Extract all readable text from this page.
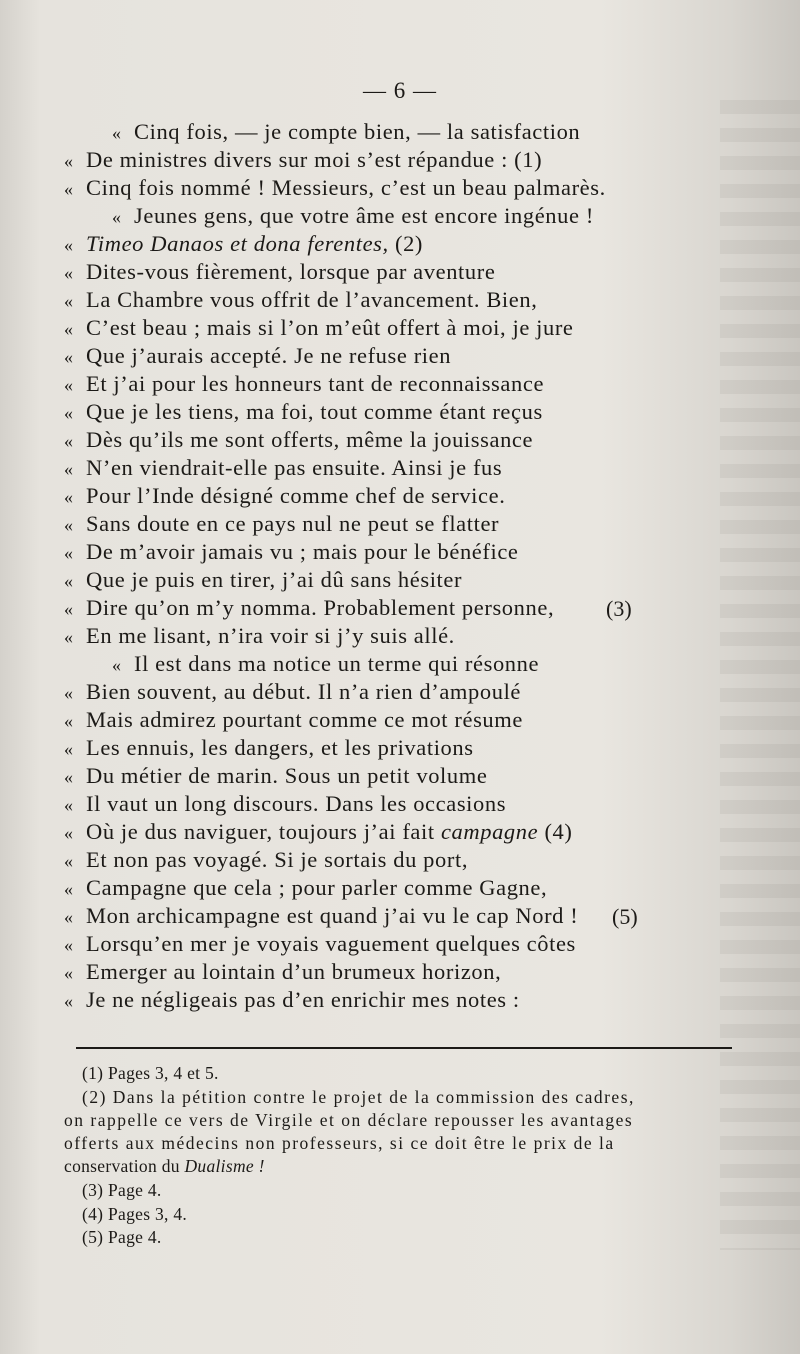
— 6 —
« Cinq fois, — je compte bien, — la satisfaction
« De ministres divers sur moi s’est répandue : (1)
« Cinq fois nommé ! Messieurs, c’est un beau palmarès.
« Jeunes gens, que votre âme est encore ingénue !
« Timeo Danaos et dona ferentes, (2)
« Dites-vous fièrement, lorsque par aventure
« La Chambre vous offrit de l’avancement. Bien,
« C’est beau ; mais si l’on m’eût offert à moi, je jure
« Que j’aurais accepté. Je ne refuse rien
« Et j’ai pour les honneurs tant de reconnaissance
« Que je les tiens, ma foi, tout comme étant reçus
« Dès qu’ils me sont offerts, même la jouissance
« N’en viendrait-elle pas ensuite. Ainsi je fus
« Pour l’Inde désigné comme chef de service.
« Sans doute en ce pays nul ne peut se flatter
« De m’avoir jamais vu ; mais pour le bénéfice
« Que je puis en tirer, j’ai dû sans hésiter
« Dire qu’on m’y nomma. Probablement personne, (3)
« En me lisant, n’ira voir si j’y suis allé.
« Il est dans ma notice un terme qui résonne
« Bien souvent, au début. Il n’a rien d’ampoulé
« Mais admirez pourtant comme ce mot résume
« Les ennuis, les dangers, et les privations
« Du métier de marin. Sous un petit volume
« Il vaut un long discours. Dans les occasions
« Où je dus naviguer, toujours j’ai fait campagne (4)
« Et non pas voyagé. Si je sortais du port,
« Campagne que cela ; pour parler comme Gagne,
« Mon archicampagne est quand j’ai vu le cap Nord ! (5)
« Lorsqu’en mer je voyais vaguement quelques côtes
« Emerger au lointain d’un brumeux horizon,
« Je ne négligeais pas d’en enrichir mes notes :
(1) Pages 3, 4 et 5.
(2) Dans la pétition contre le projet de la commission des cadres,
on rappelle ce vers de Virgile et on déclare repousser les avantages
offerts aux médecins non professeurs, si ce doit être le prix de la
conservation du Dualisme !
(3) Page 4.
(4) Pages 3, 4.
(5) Page 4.
